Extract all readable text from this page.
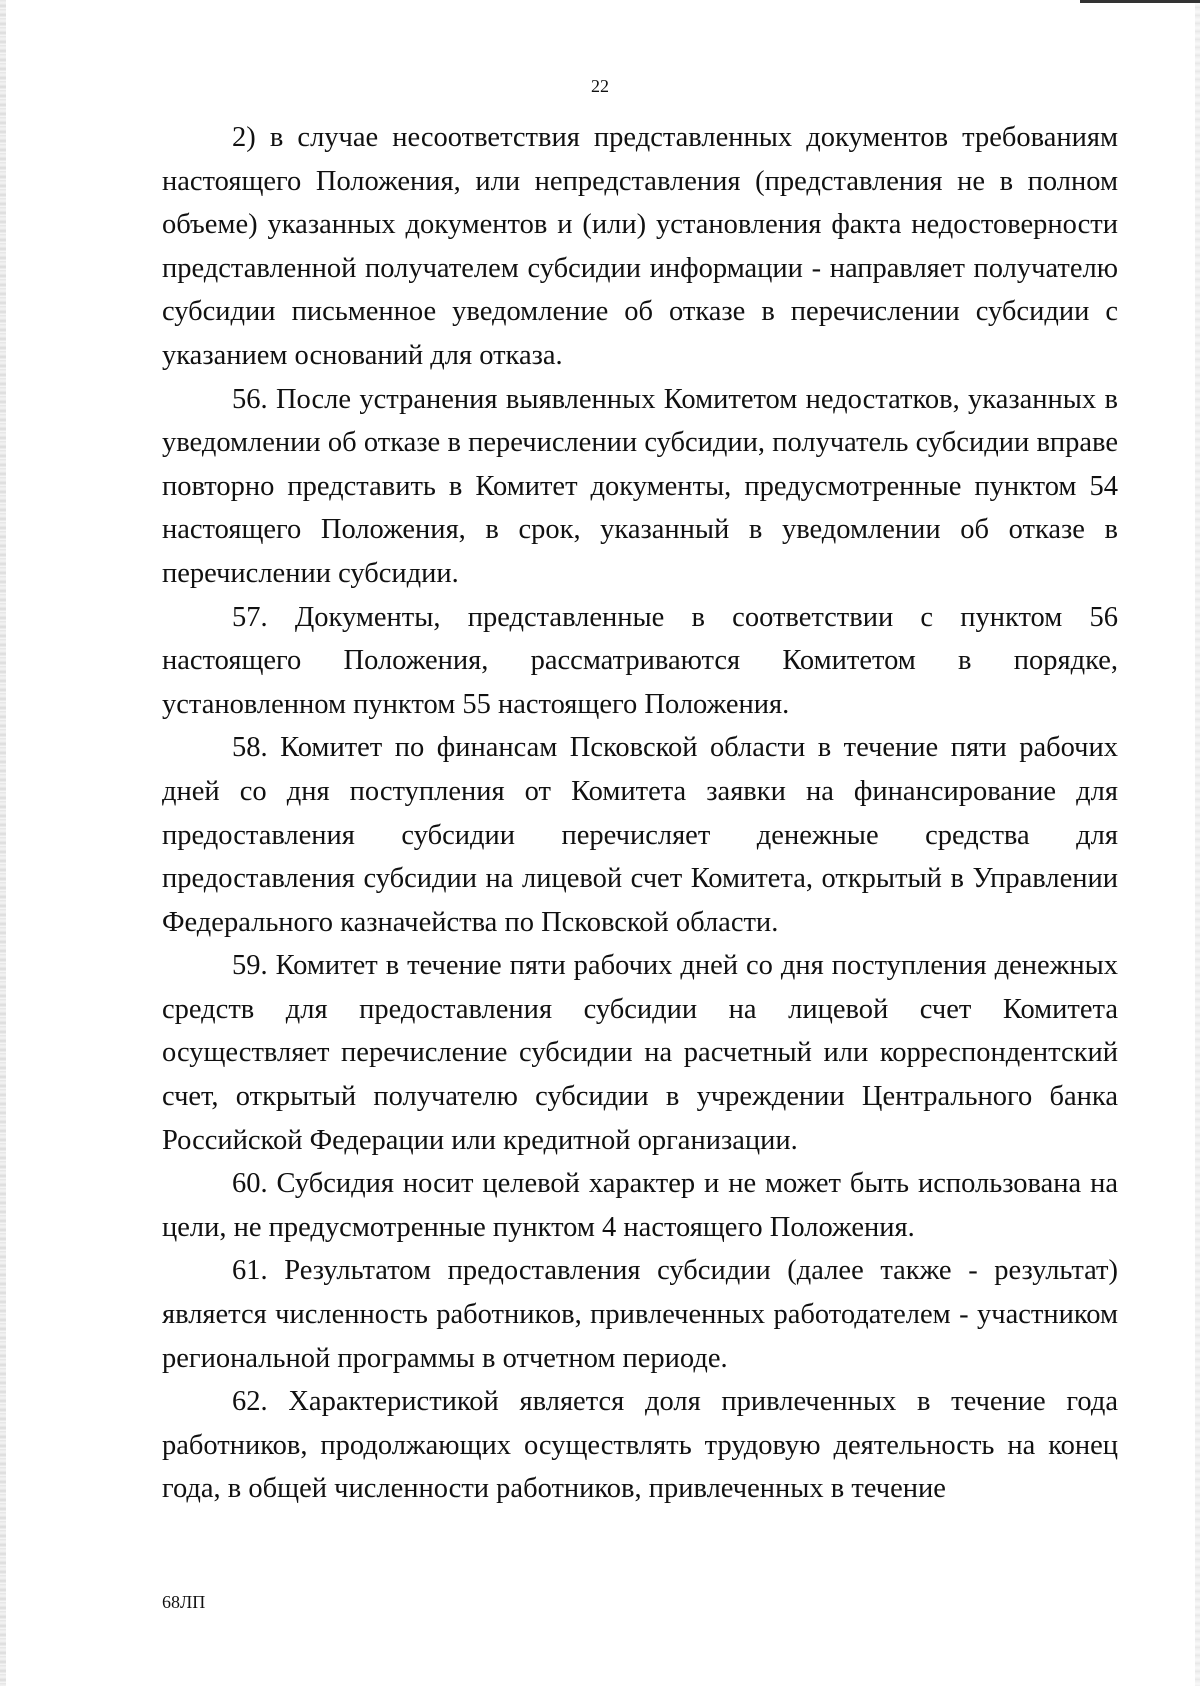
22

2) в случае несоответствия представленных документов требованиям настоящего Положения, или непредставления (представления не в полном объеме) указанных документов и (или) установления факта недостоверности представленной получателем субсидии информации - направляет получателю субсидии письменное уведомление об отказе в перечислении субсидии с указанием оснований для отказа.

56. После устранения выявленных Комитетом недостатков, указанных в уведомлении об отказе в перечислении субсидии, получатель субсидии вправе повторно представить в Комитет документы, предусмотренные пунктом 54 настоящего Положения, в срок, указанный в уведомлении об отказе в перечислении субсидии.

57. Документы, представленные в соответствии с пунктом 56 настоящего Положения, рассматриваются Комитетом в порядке, установленном пунктом 55 настоящего Положения.

58. Комитет по финансам Псковской области в течение пяти рабочих дней со дня поступления от Комитета заявки на финансирование для предоставления субсидии перечисляет денежные средства для предоставления субсидии на лицевой счет Комитета, открытый в Управлении Федерального казначейства по Псковской области.

59. Комитет в течение пяти рабочих дней со дня поступления денежных средств для предоставления субсидии на лицевой счет Комитета осуществляет перечисление субсидии на расчетный или корреспондентский счет, открытый получателю субсидии в учреждении Центрального банка Российской Федерации или кредитной организации.

60. Субсидия носит целевой характер и не может быть использована на цели, не предусмотренные пунктом 4 настоящего Положения.

61. Результатом предоставления субсидии (далее также - результат) является численность работников, привлеченных работодателем - участником региональной программы в отчетном периоде.

62. Характеристикой является доля привлеченных в течение года работников, продолжающих осуществлять трудовую деятельность на конец года, в общей численности работников, привлеченных в течение

68ЛП
